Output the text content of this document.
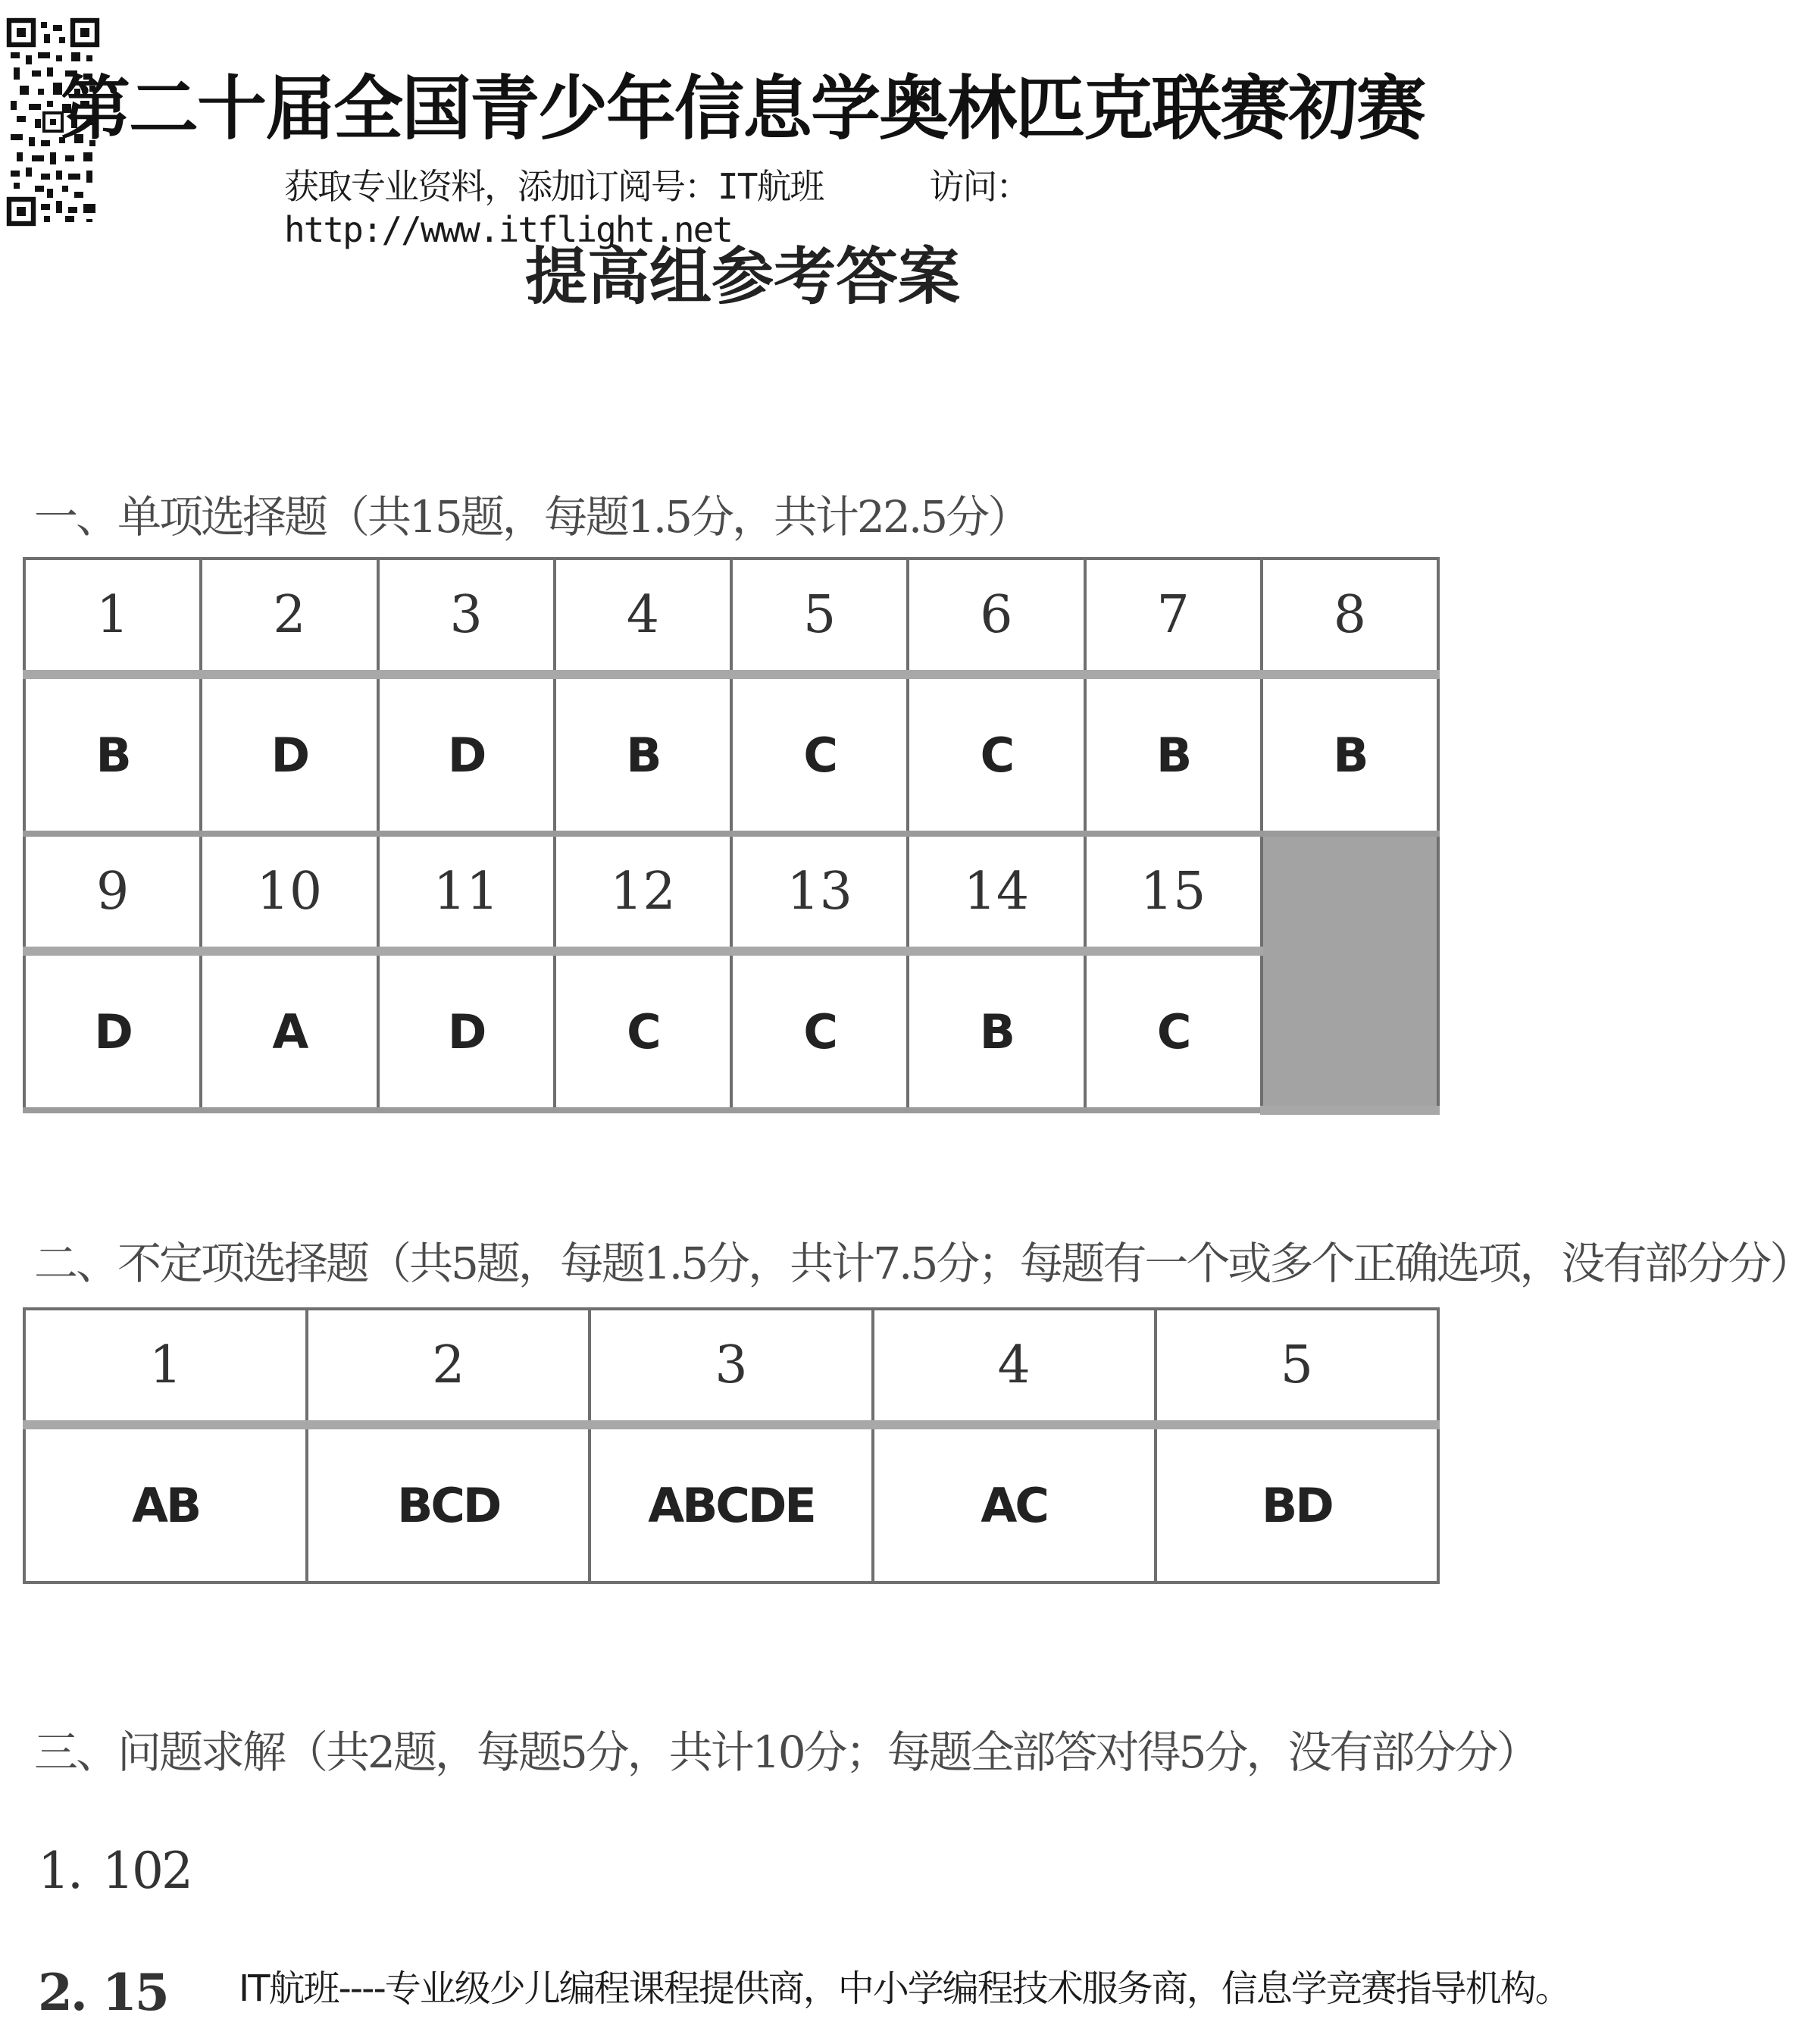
第二十届全国青少年信息学奥林匹克联赛初赛
获取专业资料，添加订阅号：IT航班	访问： http://www.itflight.net
提高组参考答案
一、单项选择题（共15题，每题1.5分，共计22.5分）
1	2	3	4	5	6	7	8
B	D	D	B	C	C	B	B
9	10	11	12	13	14	15	
D	A	D	C	C	B	C	
二、不定项选择题（共5题，每题1.5分，共计7.5分；每题有一个或多个正确选项，没有部分分）
1	2	3	4	5
AB	BCD	ABCDE	AC	BD
三、问题求解（共2题，每题5分，共计10分；每题全部答对得5分，没有部分分）
1. 102
2. 15 IT航班----专业级少儿编程课程提供商，中小学编程技术服务商，信息学竞赛指导机构。
